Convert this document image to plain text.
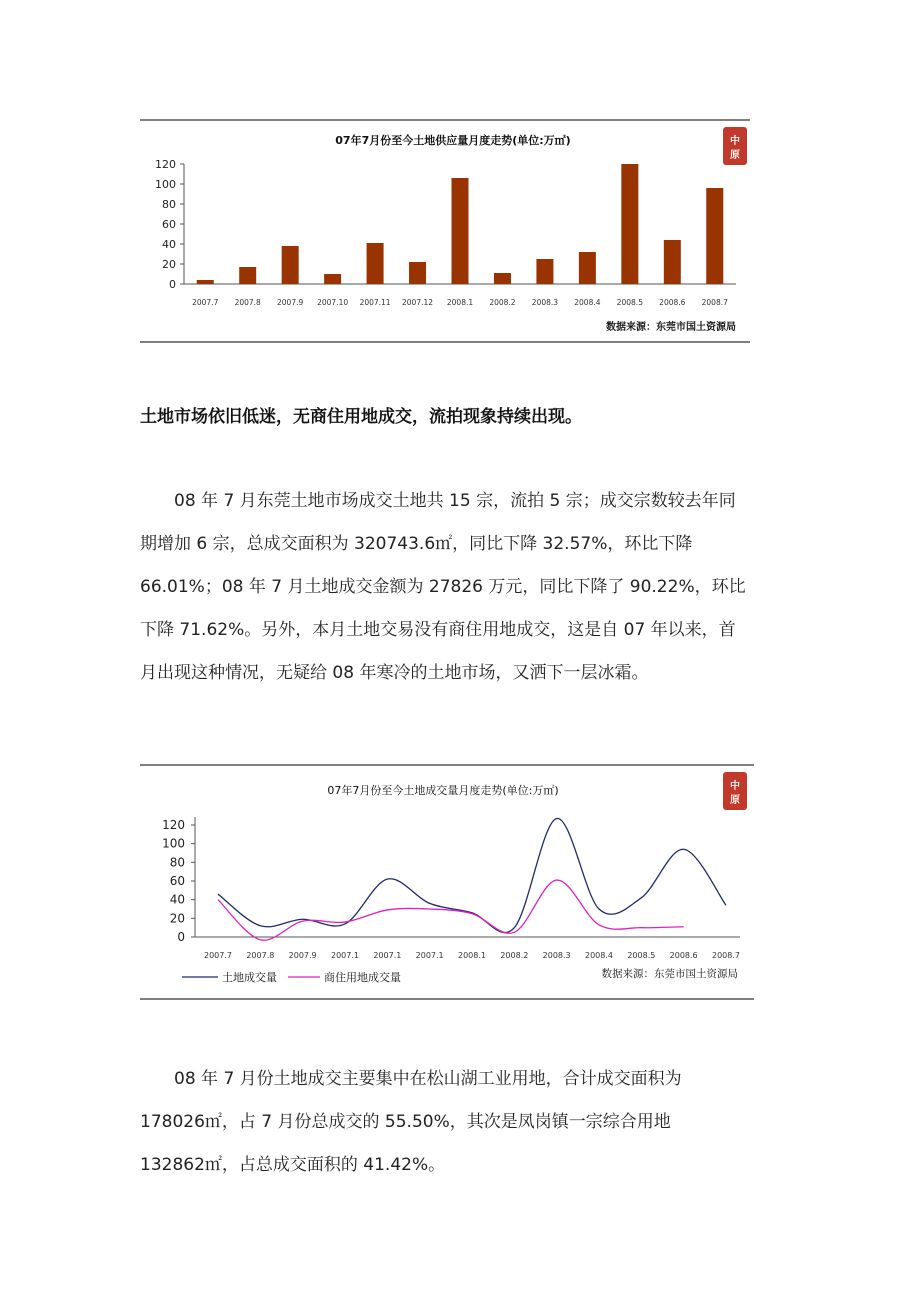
07年7月份至今土地供应量月度走势(单位:万㎡)	中
原
0
20
40
60
80
100
120
2007.7 2007.8 2007.9 2007.10 2007.11 2007.12 2008.1 2008.2 2008.3 2008.4 2008.5 2008.6 2008.7
数据来源：东莞市国土资源局
土地市场依旧低迷，无商住用地成交，流拍现象持续出现。

08 年 7 月东莞土地市场成交土地共 15 宗，流拍 5 宗；成交宗数较去年同

期增加 6 宗，总成交面积为 320743.6㎡，同比下降 32.57%，环比下降

66.01%；08 年 7 月土地成交金额为 27826 万元，同比下降了 90.22%，环比

下降 71.62%。另外，本月土地交易没有商住用地成交，这是自 07 年以来，首

月出现这种情况，无疑给 08 年寒冷的土地市场，又洒下一层冰霜。

07年7月份至今土地成交量月度走势(单位:万㎡)	中
原
0
20
40
60
80
100
120
2007.7 2007.8 2007.9 2007.1 2007.1 2007.1 2008.1 2008.2 2008.3 2008.4 2008.5 2008.6 2008.7
土地成交量	商住用地成交量	数据来源：东莞市国土资源局

08 年 7 月份土地成交主要集中在松山湖工业用地，合计成交面积为

178026㎡，占 7 月份总成交的 55.50%，其次是凤岗镇一宗综合用地

132862㎡，占总成交面积的 41.42%。
